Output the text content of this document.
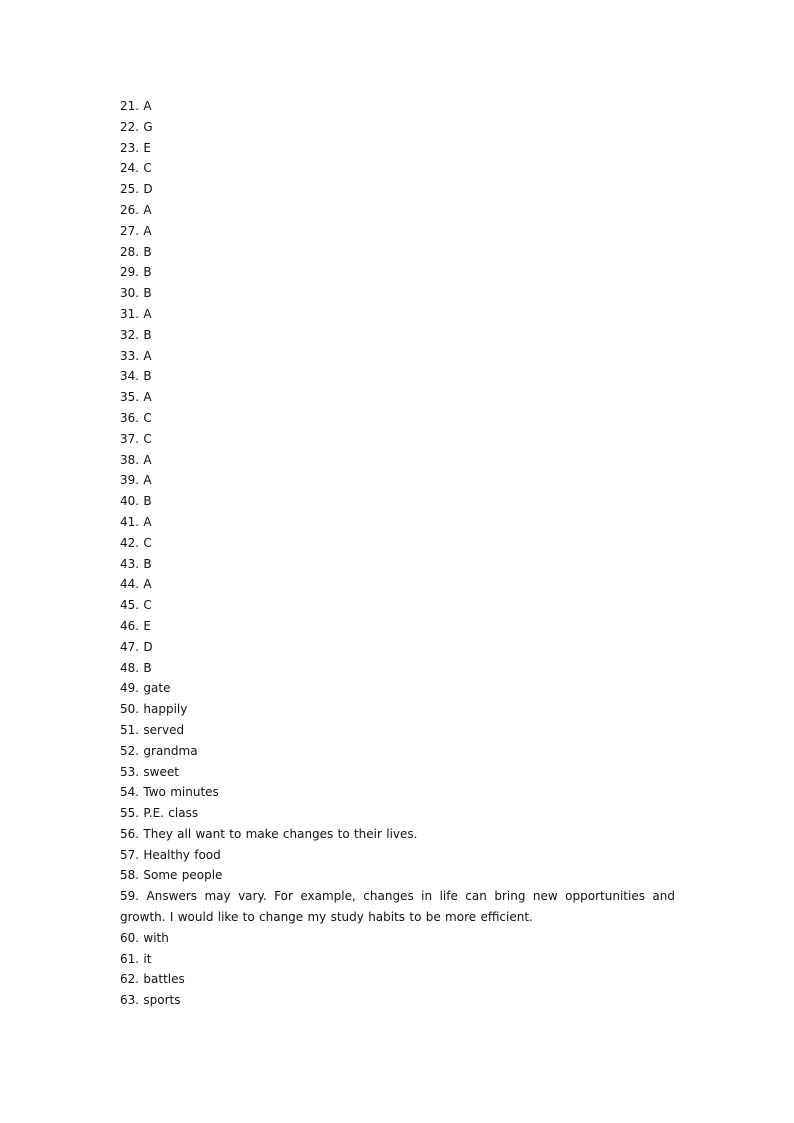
21. A
22. G
23. E
24. C
25. D
26. A
27. A
28. B
29. B
30. B
31. A
32. B
33. A
34. B
35. A
36. C
37. C
38. A
39. A
40. B
41. A
42. C
43. B
44. A
45. C
46. E
47. D
48. B
49. gate
50. happily
51. served
52. grandma
53. sweet
54. Two minutes
55. P.E. class
56. They all want to make changes to their lives.
57. Healthy food
58. Some people
59. Answers may vary. For example, changes in life can bring new opportunities and growth. I would like to change my study habits to be more efficient.
60. with
61. it
62. battles
63. sports
